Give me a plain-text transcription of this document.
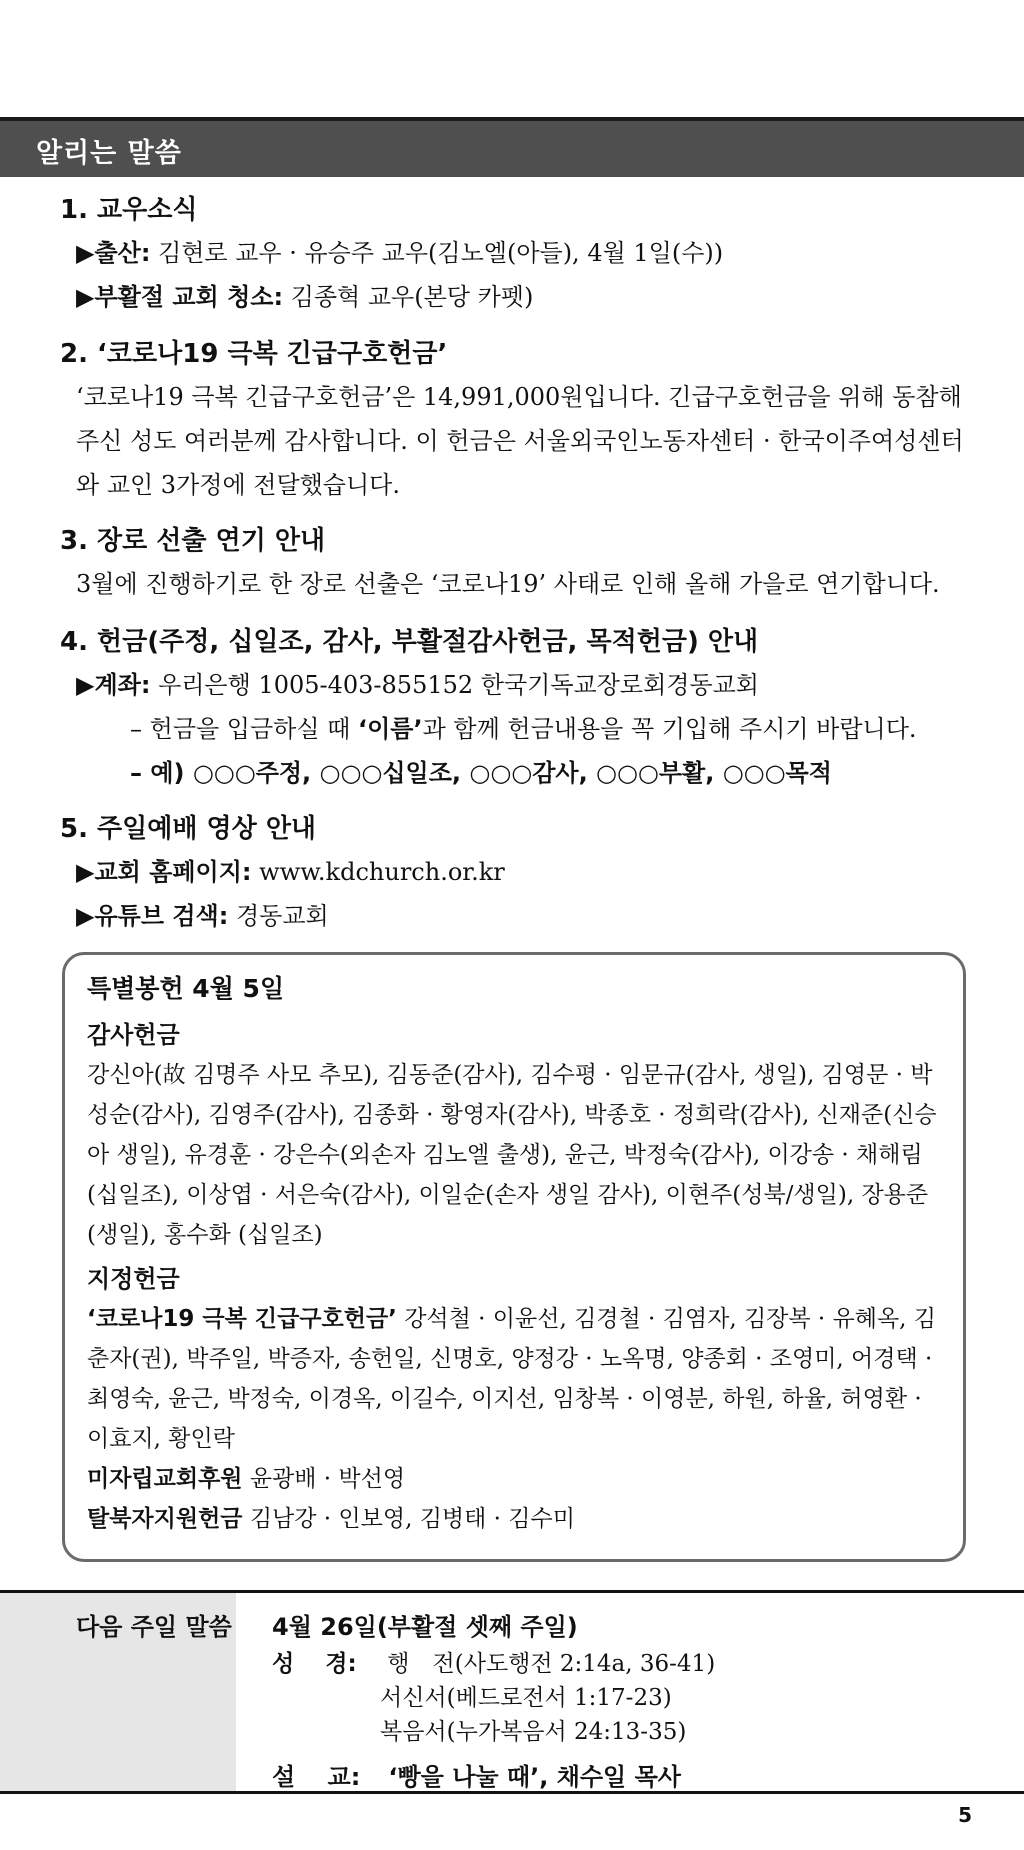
알리는 말씀
1. 교우소식
▶출산: 김현로 교우 · 유승주 교우(김노엘(아들), 4월 1일(수))
▶부활절 교회 청소: 김종혁 교우(본당 카펫)
2. ‘코로나19 극복 긴급구호헌금’
‘코로나19 극복 긴급구호헌금’은 14,991,000원입니다. 긴급구호헌금을 위해 동참해 주신 성도 여러분께 감사합니다. 이 헌금은 서울외국인노동자센터 · 한국이주여성센터와 교인 3가정에 전달했습니다.
3. 장로 선출 연기 안내
3월에 진행하기로 한 장로 선출은 ‘코로나19’ 사태로 인해 올해 가을로 연기합니다.
4. 헌금(주정, 십일조, 감사, 부활절감사헌금, 목적헌금) 안내
▶계좌: 우리은행 1005-403-855152 한국기독교장로회경동교회
– 헌금을 입금하실 때 ‘이름’과 함께 헌금내용을 꼭 기입해 주시기 바랍니다.
– 예) ○○○주정, ○○○십일조, ○○○감사, ○○○부활, ○○○목적
5. 주일예배 영상 안내
▶교회 홈페이지: www.kdchurch.or.kr
▶유튜브 검색: 경동교회
특별봉헌 4월 5일
감사헌금
강신아(故 김명주 사모 추모), 김동준(감사), 김수평 · 임문규(감사, 생일), 김영문 · 박성순(감사), 김영주(감사), 김종화 · 황영자(감사), 박종호 · 정희락(감사), 신재준(신승아 생일), 유경훈 · 강은수(외손자 김노엘 출생), 윤근, 박정숙(감사), 이강송 · 채해림(십일조), 이상엽 · 서은숙(감사), 이일순(손자 생일 감사), 이현주(성북/생일), 장용준(생일), 홍수화 (십일조)
지정헌금
‘코로나19 극복 긴급구호헌금’ 강석철 · 이윤선, 김경철 · 김염자, 김장복 · 유혜옥, 김춘자(권), 박주일, 박증자, 송헌일, 신명호, 양정강 · 노옥명, 양종회 · 조영미, 어경택 · 최영숙, 윤근, 박정숙, 이경옥, 이길수, 이지선, 임창복 · 이영분, 하원, 하율, 허영환 · 이효지, 황인락
미자립교회후원 윤광배 · 박선영
탈북자지원헌금 김남강 · 인보영, 김병태 · 김수미
다음 주일 말씀 4월 26일(부활절 셋째 주일)
성　 경: 행　전(사도행전 2:14a, 36-41)
서신서(베드로전서 1:17-23)
복음서(누가복음서 24:13-35)
설　 교: ‘빵을 나눌 때’, 채수일 목사
5
